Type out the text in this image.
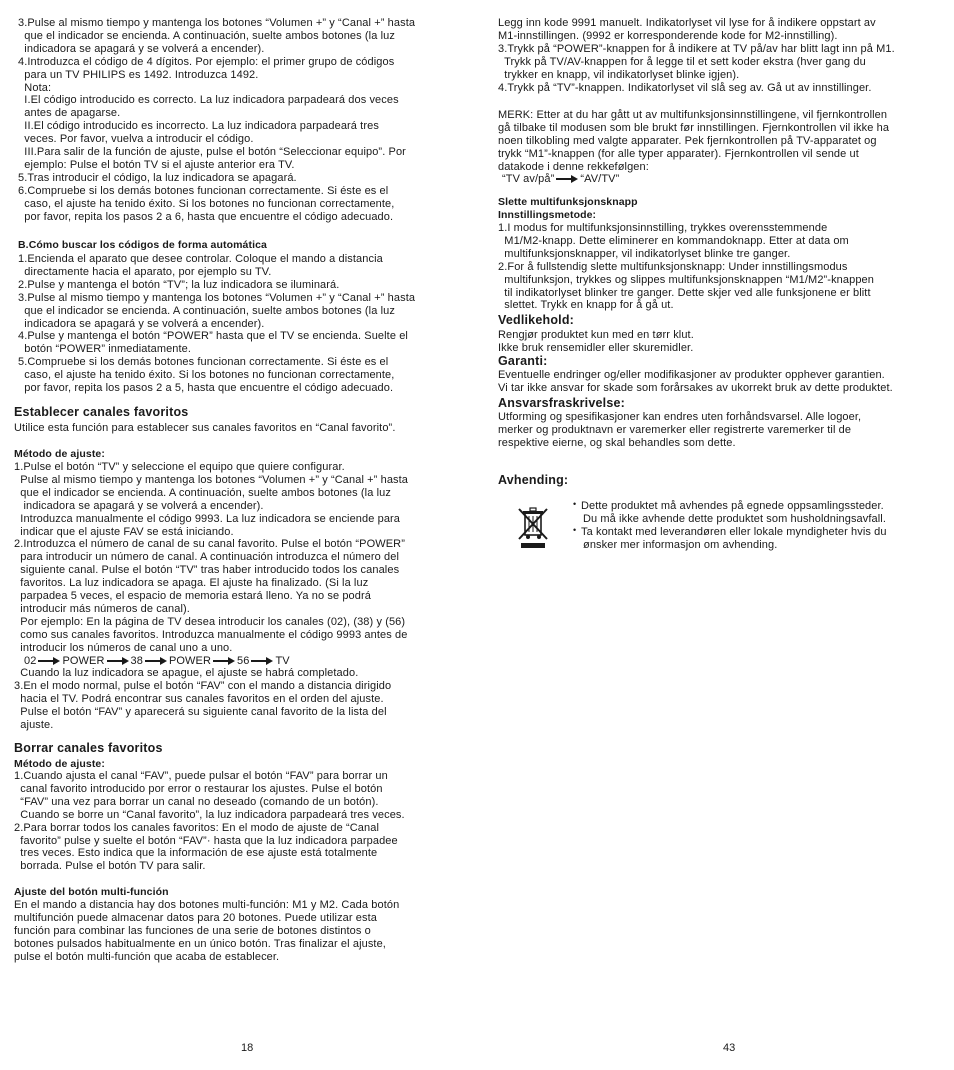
3.Pulse al mismo tiempo y mantenga los botones “Volumen +” y “Canal +” hasta
que el indicador se encienda. A continuación, suelte ambos botones (la luz
indicadora se apagará y se volverá a encender).
4.Introduzca el código de 4 dígitos. Por ejemplo: el primer grupo de códigos
para un TV PHILIPS es 1492. Introduzca 1492.
Nota:
I.El código introducido es correcto. La luz indicadora parpadeará dos veces
antes de apagarse.
II.El código introducido es incorrecto. La luz indicadora parpadeará tres
veces. Por favor, vuelva a introducir el código.
III.Para salir de la función de ajuste, pulse el botón “Seleccionar equipo”. Por
ejemplo: Pulse el botón TV si el ajuste anterior era TV.
5.Tras introducir el código, la luz indicadora se apagará.
6.Compruebe si los demás botones funcionan correctamente. Si éste es el
caso, el ajuste ha tenido éxito. Si los botones no funcionan correctamente,
por favor, repita los pasos 2 a 6, hasta que encuentre el código adecuado.
B.Cómo buscar los códigos de forma automática
1.Encienda el aparato que desee controlar. Coloque el mando a distancia
directamente hacia el aparato, por ejemplo su TV.
2.Pulse y mantenga el botón “TV”; la luz indicadora se iluminará.
3.Pulse al mismo tiempo y mantenga los botones “Volumen +” y “Canal +” hasta
que el indicador se encienda. A continuación, suelte ambos botones (la luz
indicadora se apagará y se volverá a encender).
4.Pulse y mantenga el botón “POWER” hasta que el TV se encienda. Suelte el
botón “POWER” inmediatamente.
5.Compruebe si los demás botones funcionan correctamente. Si éste es el
caso, el ajuste ha tenido éxito. Si los botones no funcionan correctamente,
por favor, repita los pasos 2 a 5, hasta que encuentre el código adecuado.
Establecer canales favoritos
Utilice esta función para establecer sus canales favoritos en “Canal favorito”.
Método de ajuste:
1.Pulse el botón “TV” y seleccione el equipo que quiere configurar.
Pulse al mismo tiempo y mantenga los botones “Volumen +” y “Canal +” hasta
que el indicador se encienda. A continuación, suelte ambos botones (la luz
indicadora se apagará y se volverá a encender).
Introduzca manualmente el código 9993. La luz indicadora se enciende para
indicar que el ajuste FAV se está iniciando.
2.Introduzca el número de canal de su canal favorito. Pulse el botón “POWER”
para introducir un número de canal. A continuación introduzca el número del
siguiente canal. Pulse el botón “TV” tras haber introducido todos los canales
favoritos. La luz indicadora se apaga. El ajuste ha finalizado. (Si la luz
parpadea 5 veces, el espacio de memoria estará lleno. Ya no se podrá
introducir más números de canal).
Por ejemplo: En la página de TV desea introducir los canales (02), (38) y (56)
como sus canales favoritos. Introduzca manualmente el código 9993 antes de
introducir los números de canal uno a uno.
02 POWER 38 POWER 56 TV
Cuando la luz indicadora se apague, el ajuste se habrá completado.
3.En el modo normal, pulse el botón “FAV” con el mando a distancia dirigido
hacia el TV. Podrá encontrar sus canales favoritos en el orden del ajuste.
Pulse el botón “FAV” y aparecerá su siguiente canal favorito de la lista del
ajuste.
Borrar canales favoritos
Método de ajuste:
1.Cuando ajusta el canal “FAV”, puede pulsar el botón “FAV” para borrar un
canal favorito introducido por error o restaurar los ajustes. Pulse el botón
“FAV” una vez para borrar un canal no deseado (comando de un botón).
Cuando se borre un “Canal favorito”, la luz indicadora parpadeará tres veces.
2.Para borrar todos los canales favoritos: En el modo de ajuste de “Canal
favorito” pulse y suelte el botón “FAV”· hasta que la luz indicadora parpadee
tres veces. Esto indica que la información de ese ajuste está totalmente
borrada. Pulse el botón TV para salir.
Ajuste del botón multi-función
En el mando a distancia hay dos botones multi-función: M1 y M2. Cada botón
multifunción puede almacenar datos para 20 botones. Puede utilizar esta
función para combinar las funciones de una serie de botones distintos o
botones pulsados habitualmente en un único botón. Tras finalizar el ajuste,
pulse el botón multi-función que acaba de establecer.
Legg inn kode 9991 manuelt. Indikatorlyset vil lyse for å indikere oppstart av
M1-innstillingen. (9992 er korresponderende kode for M2-innstilling).
3.Trykk på “POWER”-knappen for å indikere at TV på/av har blitt lagt inn på M1.
Trykk på TV/AV-knappen for å legge til et sett koder ekstra (hver gang du
trykker en knapp, vil indikatorlyset blinke igjen).
4.Trykk på “TV”-knappen. Indikatorlyset vil slå seg av. Gå ut av innstillinger.
MERK: Etter at du har gått ut av multifunksjonsinnstillingene, vil fjernkontrollen
gå tilbake til modusen som ble brukt før innstillingen. Fjernkontrollen vil ikke ha
noen tilkobling med valgte apparater. Pek fjernkontrollen på TV-apparatet og
trykk “M1”-knappen (for alle typer apparater). Fjernkontrollen vil sende ut
datakode i denne rekkefølgen:
“TV av/på” “AV/TV”
Slette multifunksjonsknapp
Innstillingsmetode:
1.I modus for multifunksjonsinnstilling, trykkes overensstemmende
M1/M2-knapp. Dette eliminerer en kommandoknapp. Etter at data om
multifunksjonsknapper, vil indikatorlyset blinke tre ganger.
2.For å fullstendig slette multifunksjonsknapp: Under innstillingsmodus
multifunksjon, trykkes og slippes multifunksjonsknappen “M1/M2”-knappen
til indikatorlyset blinker tre ganger. Dette skjer ved alle funksjonene er blitt
slettet. Trykk en knapp for å gå ut.
Vedlikehold:
Rengjør produktet kun med en tørr klut.
Ikke bruk rensemidler eller skuremidler.
Garanti:
Eventuelle endringer og/eller modifikasjoner av produkter opphever garantien.
Vi tar ikke ansvar for skade som forårsakes av ukorrekt bruk av dette produktet.
Ansvarsfraskrivelse:
Utforming og spesifikasjoner kan endres uten forhåndsvarsel. Alle logoer,
merker og produktnavn er varemerker eller registrerte varemerker til de
respektive eierne, og skal behandles som dette.
Avhending:
• Dette produktet må avhendes på egnede oppsamlingssteder.
Du må ikke avhende dette produktet som husholdningsavfall.
• Ta kontakt med leverandøren eller lokale myndigheter hvis du
ønsker mer informasjon om avhending.
18	43
